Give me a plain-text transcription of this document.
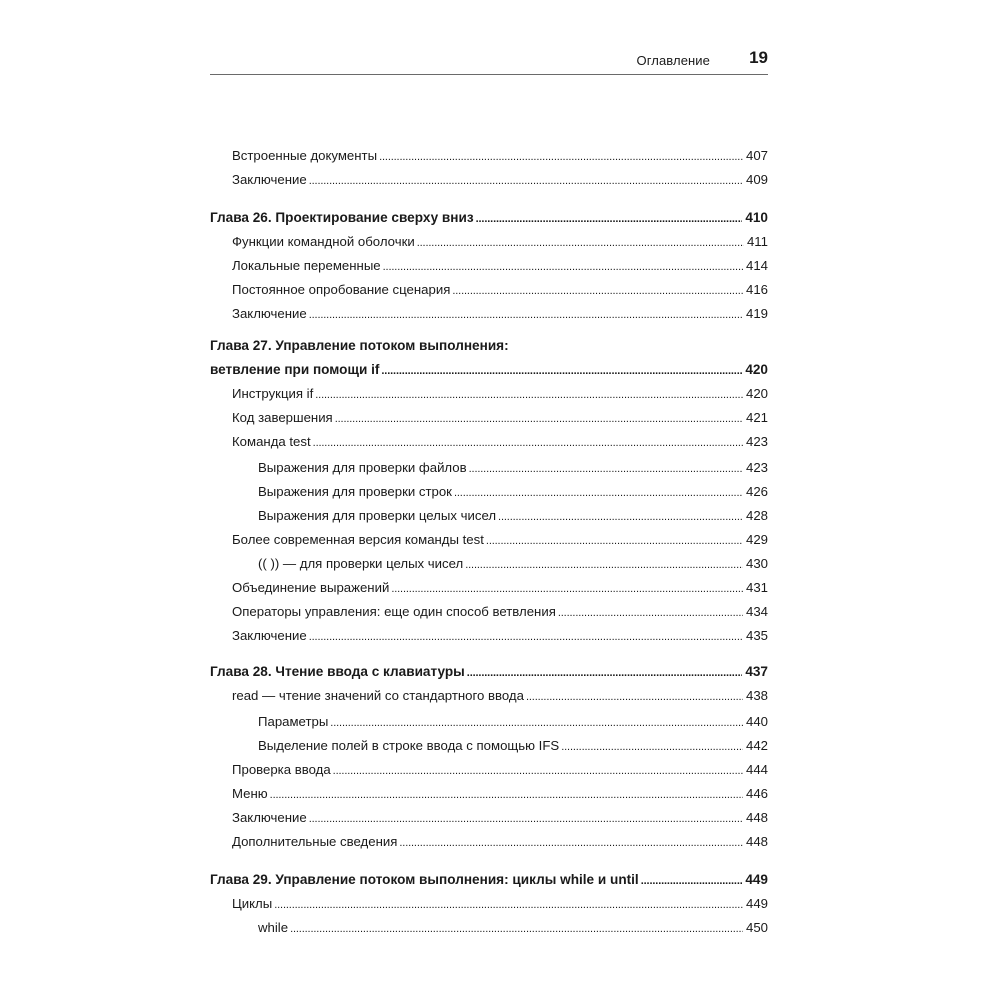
Оглавление 19
Встроенные документы . . .	407
Заключение . . .	409
Глава 26. Проектирование сверху вниз . . .	410
Функции командной оболочки . . .	411
Локальные переменные . . .	414
Постоянное опробование сценария . . .	416
Заключение . . .	419
Глава 27. Управление потоком выполнения:
ветвление при помощи if . . .	420
Инструкция if . . .	420
Код завершения . . .	421
Команда test . . .	423
Выражения для проверки файлов . . .	423
Выражения для проверки строк . . .	426
Выражения для проверки целых чисел . . .	428
Более современная версия команды test . . .	429
(( )) — для проверки целых чисел . . .	430
Объединение выражений . . .	431
Операторы управления: еще один способ ветвления . . .	434
Заключение . . .	435
Глава 28. Чтение ввода с клавиатуры . . .	437
read — чтение значений со стандартного ввода . . .	438
Параметры . . .	440
Выделение полей в строке ввода с помощью IFS . . .	442
Проверка ввода . . .	444
Меню . . .	446
Заключение . . .	448
Дополнительные сведения . . .	448
Глава 29. Управление потоком выполнения: циклы while и until . . .	449
Циклы . . .	449
while . . .	450
